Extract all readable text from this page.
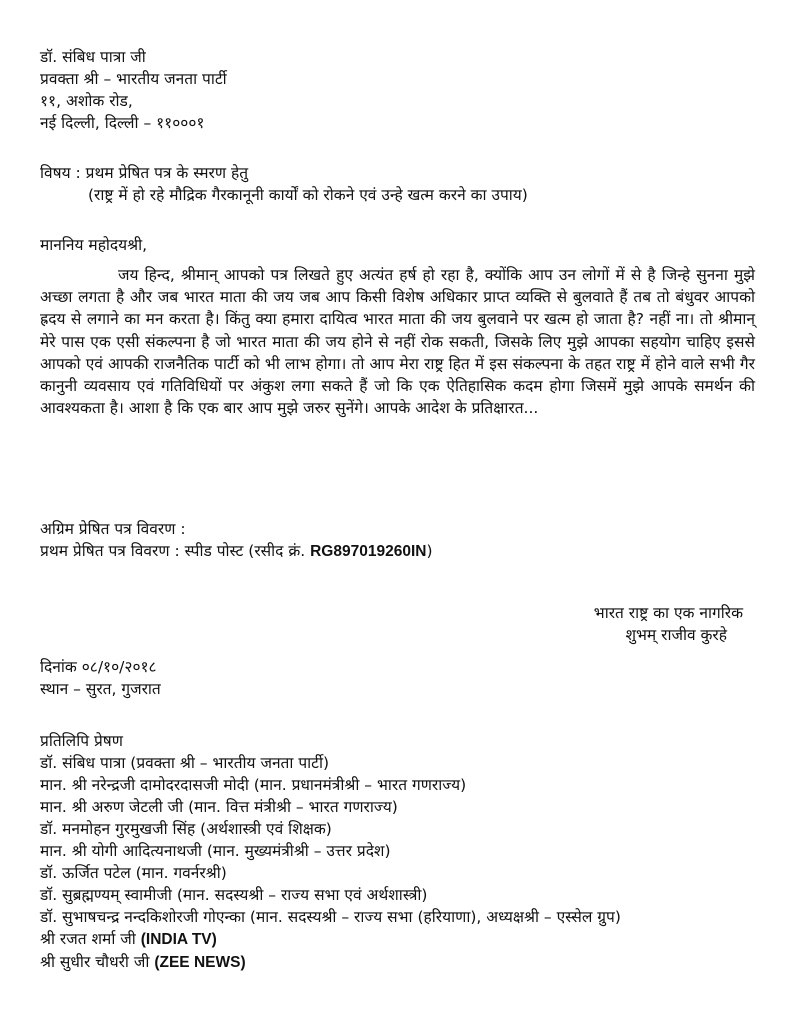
डॉ. संबिध पात्रा जी
प्रवक्ता श्री – भारतीय जनता पार्टी
११, अशोक रोड,
नई दिल्ली, दिल्ली – ११०००१
विषय : प्रथम प्रेषित पत्र के स्मरण हेतु
(राष्ट्र में हो रहे मौद्रिक गैरकानूनी कार्यों को रोकने एवं उन्हे खत्म करने का उपाय)
माननिय महोदयश्री,

जय हिन्द, श्रीमान् आपको पत्र लिखते हुए अत्यंत हर्ष हो रहा है, क्योंकि आप उन लोगों में से है जिन्हे सुनना मुझे अच्छा लगता है और जब भारत माता की जय जब आप किसी विशेष अधिकार प्राप्त व्यक्ति से बुलवाते हैं तब तो बंधुवर आपको ह्रदय से लगाने का मन करता है। किंतु क्या हमारा दायित्व भारत माता की जय बुलवाने पर खत्म हो जाता है? नहीं ना। तो श्रीमान् मेरे पास एक एसी संकल्पना है जो भारत माता की जय होने से नहीं रोक सकती, जिसके लिए मुझे आपका सहयोग चाहिए इससे आपको एवं आपकी राजनैतिक पार्टी को भी लाभ होगा। तो आप मेरा राष्ट्र हित में इस संकल्पना के तहत राष्ट्र में होने वाले सभी गैर कानुनी व्यवसाय एवं गतिविधियों पर अंकुश लगा सकते हैं जो कि एक ऐतिहासिक कदम होगा जिसमें मुझे आपके समर्थन की आवश्यकता है। आशा है कि एक बार आप मुझे जरुर सुनेंगे। आपके आदेश के प्रतिक्षारत...

अग्रिम प्रेषित पत्र विवरण :
प्रथम प्रेषित पत्र विवरण : स्पीड पोस्ट (रसीद क्रं. RG897019260IN)
भारत राष्ट्र का एक नागरिक
शुभम् राजीव कुरहे
दिनांक ०८/१०/२०१८
स्थान – सुरत, गुजरात
प्रतिलिपि प्रेषण
डॉ. संबिध पात्रा (प्रवक्ता श्री – भारतीय जनता पार्टी)
मान. श्री नरेन्द्रजी दामोदरदासजी मोदी (मान. प्रधानमंत्रीश्री – भारत गणराज्य)
मान. श्री अरुण जेटली जी (मान. वित्त मंत्रीश्री – भारत गणराज्य)
डॉ. मनमोहन गुरमुखजी सिंह (अर्थशास्त्री एवं शिक्षक)
मान. श्री योगी आदित्यनाथजी (मान. मुख्यमंत्रीश्री – उत्तर प्रदेश)
डॉ. ऊर्जित पटेल (मान. गवर्नरश्री)
डॉ. सुब्रह्मण्यम् स्वामीजी (मान. सदस्यश्री – राज्य सभा एवं अर्थशास्त्री)
डॉ. सुभाषचन्द्र नन्दकिशोरजी गोएन्का (मान. सदस्यश्री – राज्य सभा (हरियाणा), अध्यक्षश्री – एस्सेल ग्रुप)
श्री रजत शर्मा जी (INDIA TV)
श्री सुधीर चौधरी जी (ZEE NEWS)
